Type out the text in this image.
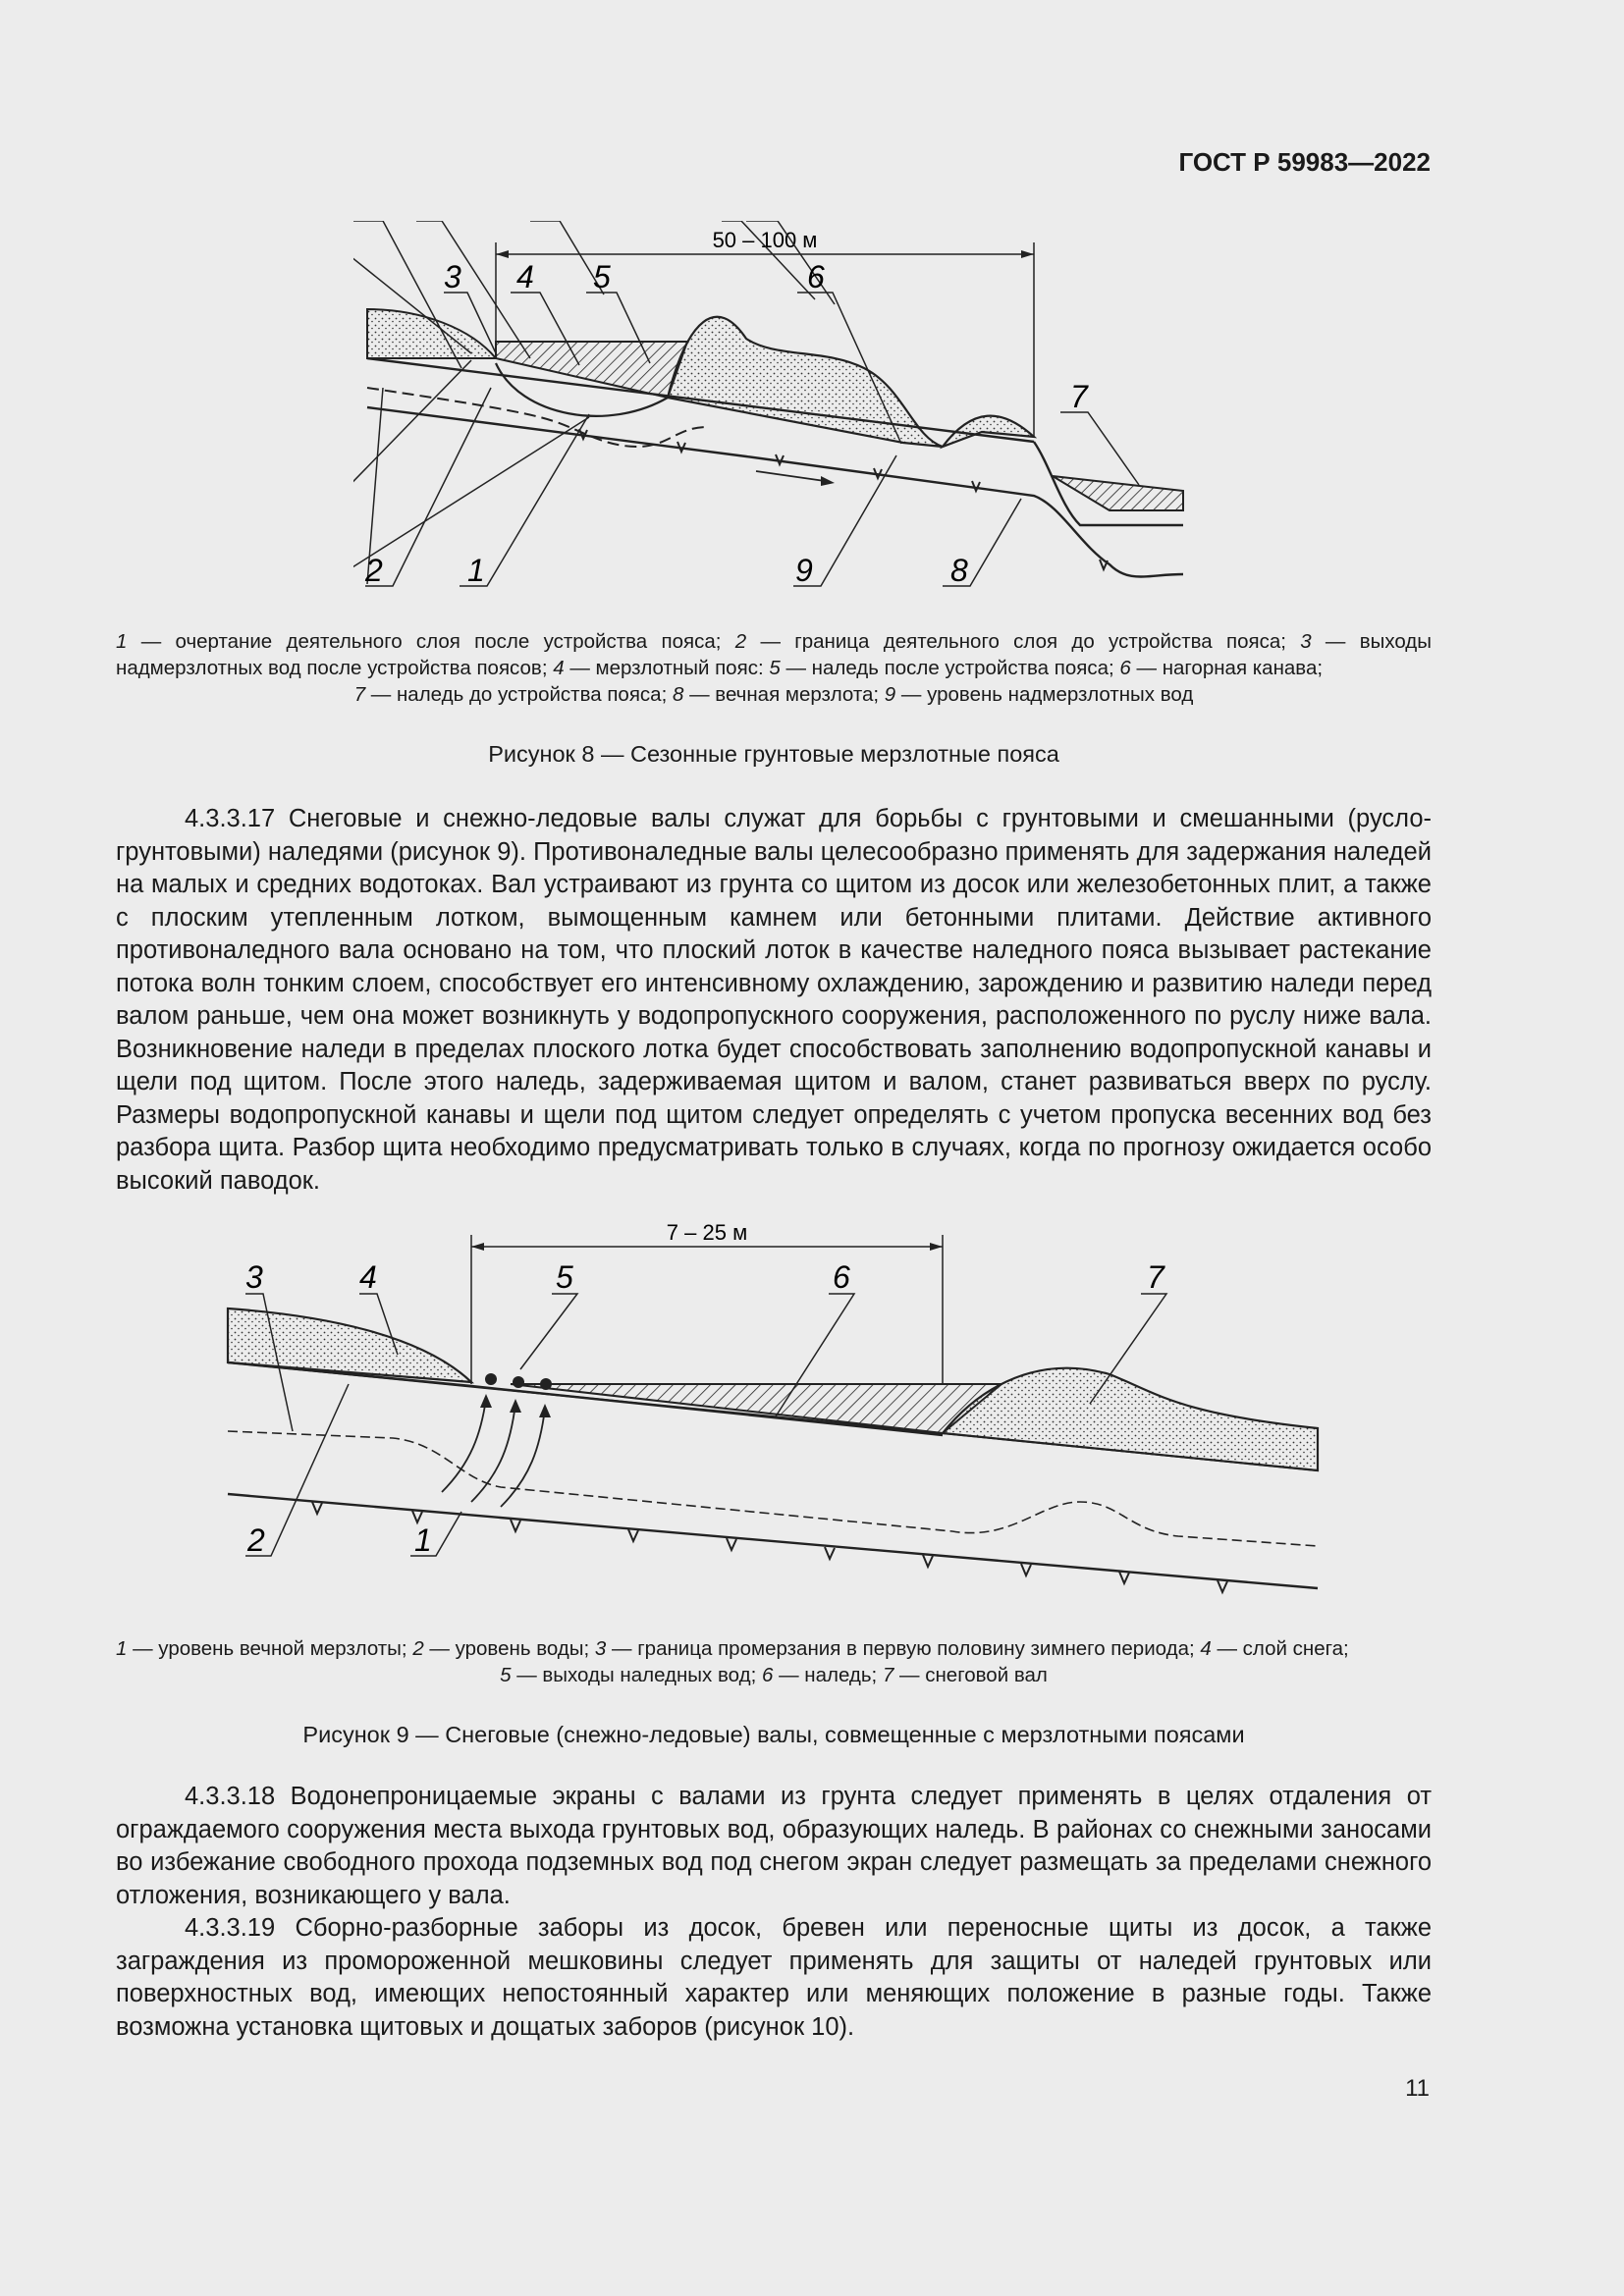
ГОСТ Р 59983—2022
50 – 100 м
3 4 5	6
7
2	1	9	8
1 — очертание деятельного слоя после устройства пояса; 2 — граница деятельного слоя до устройства пояса; 3 — выходы надмерзлотных вод после устройства поясов; 4 — мерзлотный пояс: 5 — наледь после устройства пояса; 6 — нагорная канава;
7 — наледь до устройства пояса; 8 — вечная мерзлота; 9 — уровень надмерзлотных вод
Рисунок 8 — Сезонные грунтовые мерзлотные пояса

4.3.3.17 Снеговые и снежно-ледовые валы служат для борьбы с грунтовыми и смешанными (русло-грунтовыми) наледями (рисунок 9). Противоналедные валы целесообразно применять для задержания наледей на малых и средних водотоках. Вал устраивают из грунта со щитом из досок или железобетонных плит, а также с плоским утепленным лотком, вымощенным камнем или бетонными плитами. Действие активного противоналедного вала основано на том, что плоский лоток в качестве наледного пояса вызывает растекание потока волн тонким слоем, способствует его интенсивному охлаждению, зарождению и развитию наледи перед валом раньше, чем она может возникнуть у водопропускного сооружения, расположенного по руслу ниже вала. Возникновение наледи в пределах плоского лотка будет способствовать заполнению водопропускной канавы и щели под щитом. После этого наледь, задерживаемая щитом и валом, станет развиваться вверх по руслу. Размеры водопропускной канавы и щели под щитом следует определять с учетом пропуска весенних вод без разбора щита. Разбор щита необходимо предусматривать только в случаях, когда по прогнозу ожидается особо высокий паводок.

7 – 25 м
3	4	5	6	7
2	1
1 — уровень вечной мерзлоты; 2 — уровень воды; 3 — граница промерзания в первую половину зимнего периода; 4 — слой снега;
5 — выходы наледных вод; 6 — наледь; 7 — снеговой вал
Рисунок 9 — Снеговые (снежно-ледовые) валы, совмещенные с мерзлотными поясами

4.3.3.18 Водонепроницаемые экраны с валами из грунта следует применять в целях отдаления от ограждаемого сооружения места выхода грунтовых вод, образующих наледь. В районах со снежными заносами во избежание свободного прохода подземных вод под снегом экран следует размещать за пределами снежного отложения, возникающего у вала.

4.3.3.19 Сборно-разборные заборы из досок, бревен или переносные щиты из досок, а также заграждения из промороженной мешковины следует применять для защиты от наледей грунтовых или поверхностных вод, имеющих непостоянный характер или меняющих положение в разные годы. Также возможна установка щитовых и дощатых заборов (рисунок 10).

11
